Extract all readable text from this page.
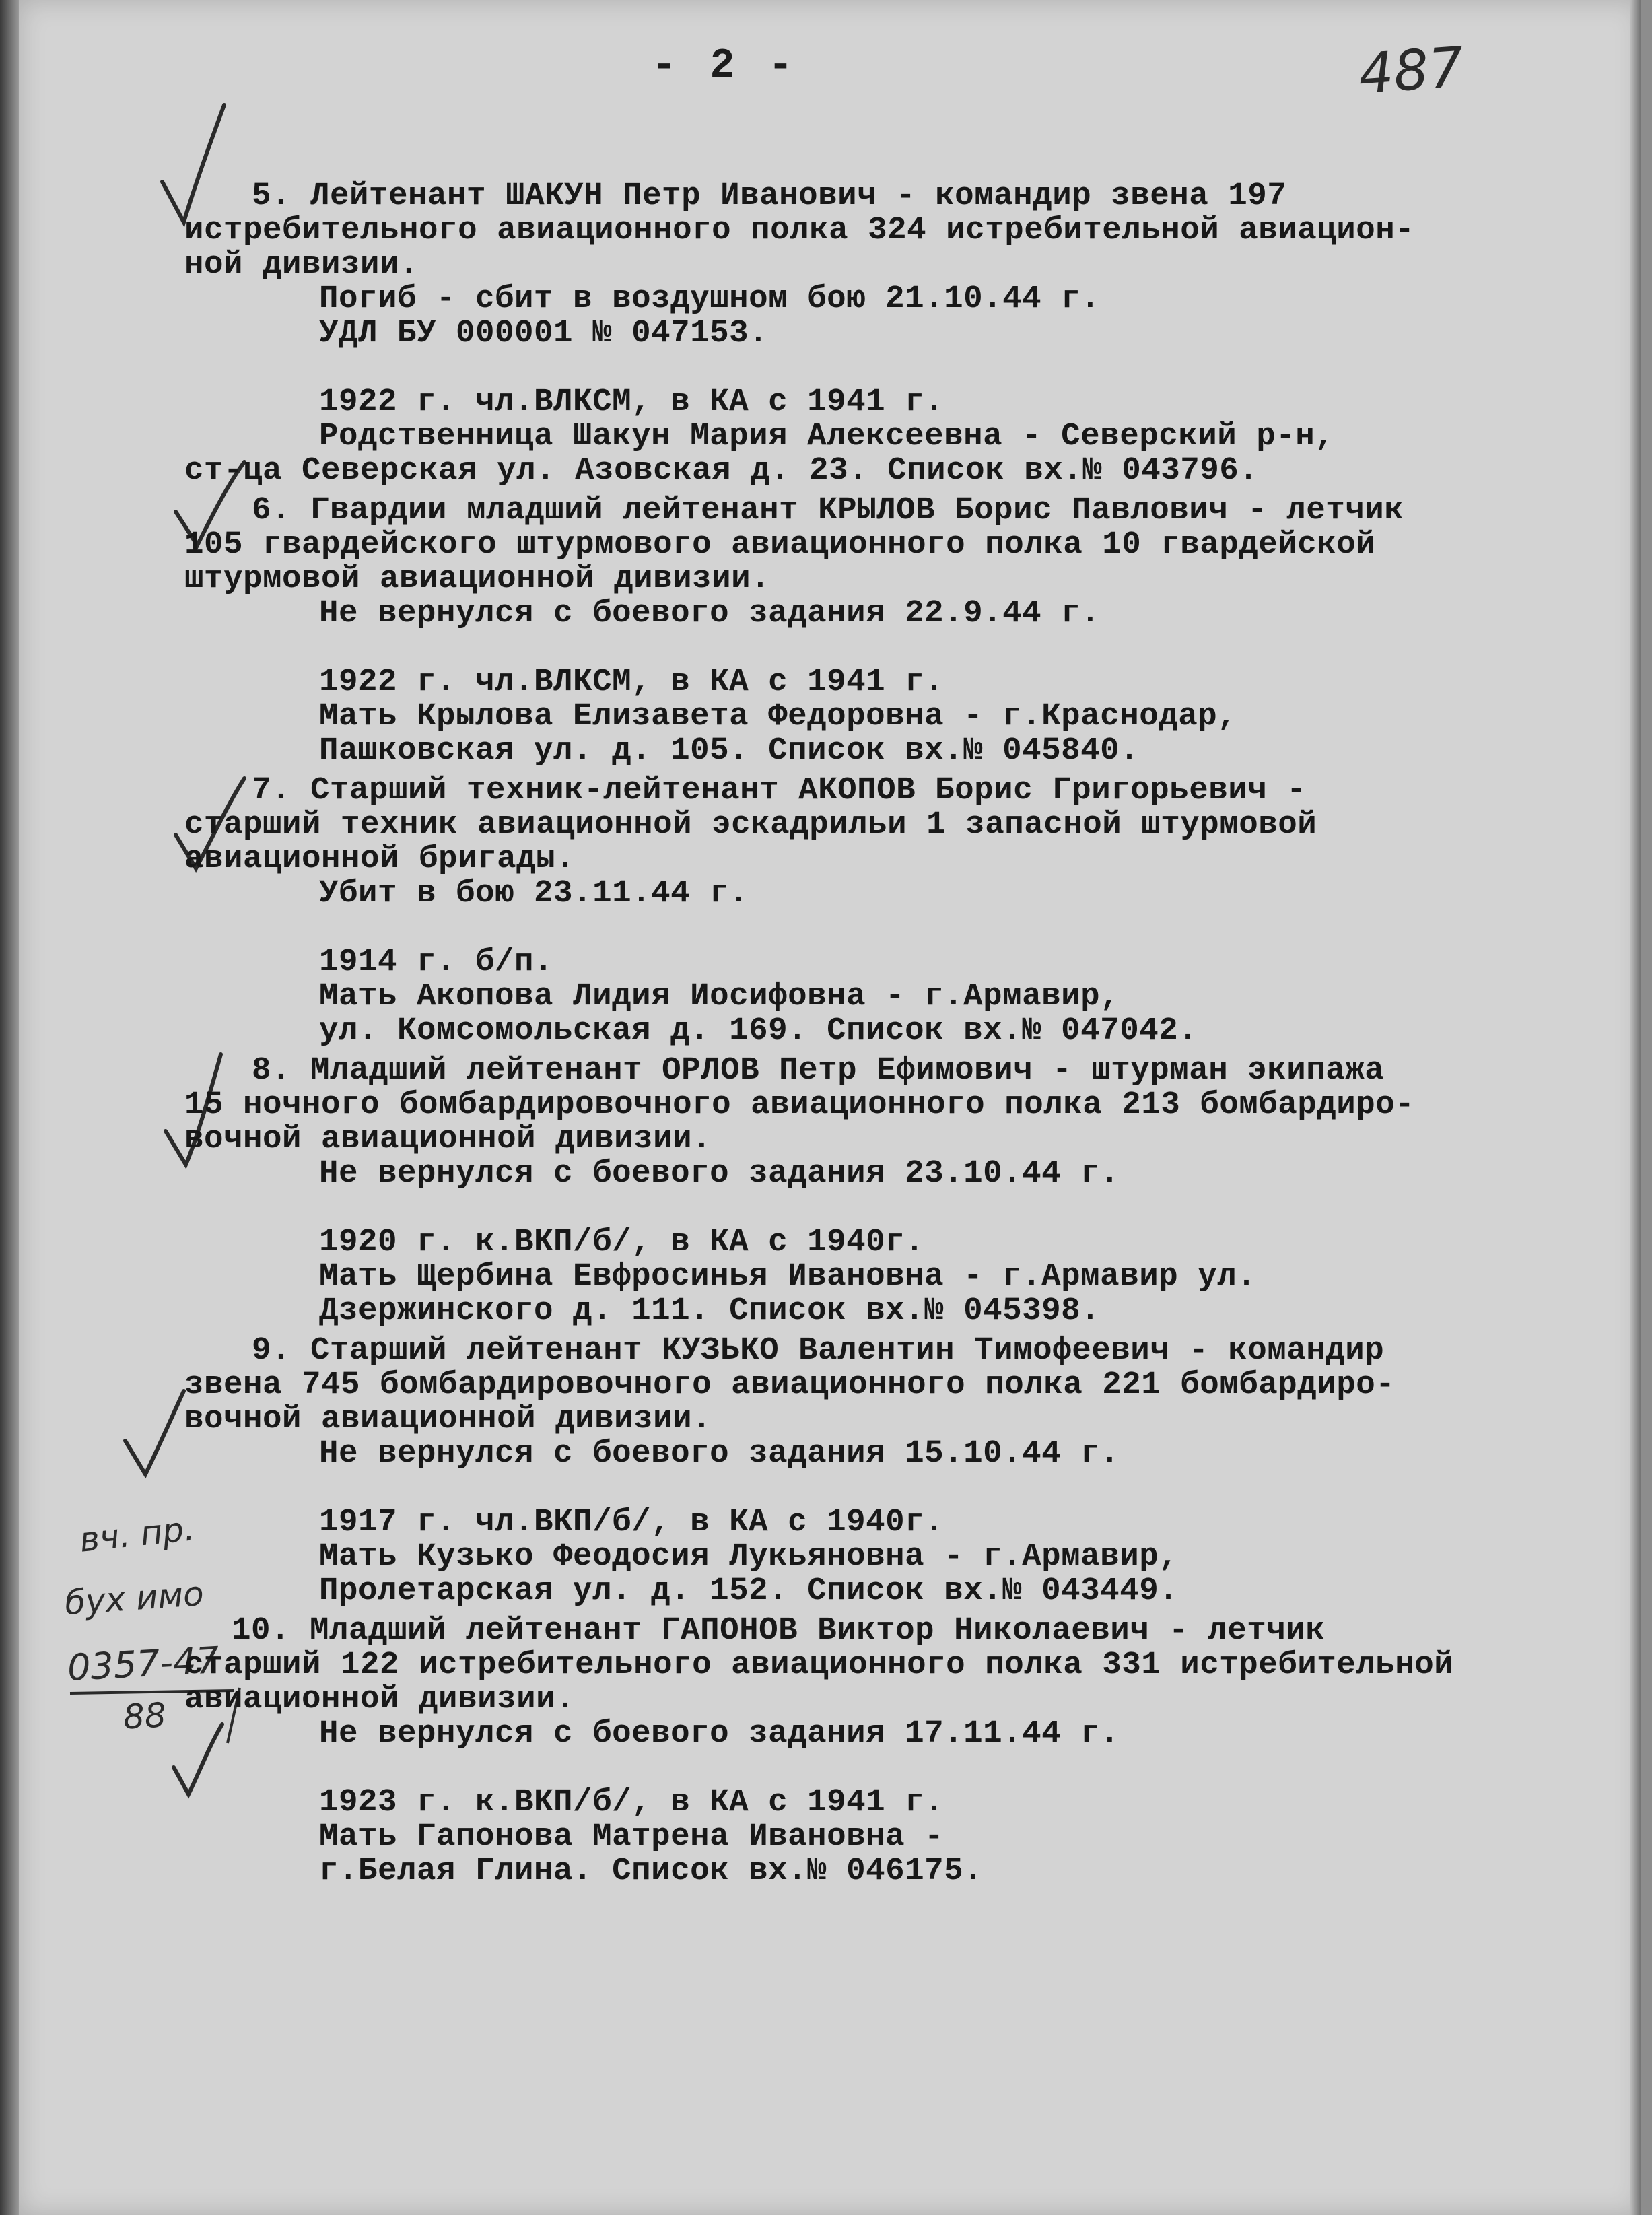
- 2 -	487
вч. пр.
бух имо
0357-47
88
5. Лейтенант ШАКУН Петр Иванович - командир звена 197
истребительного авиационного полка 324 истребительной авиацион-
ной дивизии.
Погиб - сбит в воздушном бою 21.10.44 г.
УДЛ БУ 000001 № 047153.
1922 г. чл.ВЛКСМ, в КА с 1941 г.
Родственница Шакун Мария Алексеевна - Северский р-н,
ст-ца Северская ул. Азовская д. 23. Список вх.№ 043796.
6. Гвардии младший лейтенант КРЫЛОВ Борис Павлович - летчик
105 гвардейского штурмового авиационного полка 10 гвардейской
штурмовой авиационной дивизии.
Не вернулся с боевого задания 22.9.44 г.
1922 г. чл.ВЛКСМ, в КА с 1941 г.
Мать Крылова Елизавета Федоровна - г.Краснодар,
Пашковская ул. д. 105. Список вх.№ 045840.
7. Старший техник-лейтенант АКОПОВ Борис Григорьевич -
старший техник авиационной эскадрильи 1 запасной штурмовой
авиационной бригады.
Убит в бою 23.11.44 г.
1914 г. б/п.
Мать Акопова Лидия Иосифовна - г.Армавир,
ул. Комсомольская д. 169. Список вх.№ 047042.
8. Младший лейтенант ОРЛОВ Петр Ефимович - штурман экипажа
15 ночного бомбардировочного авиационного полка 213 бомбардиро-
вочной авиационной дивизии.
Не вернулся с боевого задания 23.10.44 г.
1920 г. к.ВКП/б/, в КА с 1940г.
Мать Щербина Евфросинья Ивановна - г.Армавир ул.
Дзержинского д. 111. Список вх.№ 045398.
9. Старший лейтенант КУЗЬКО Валентин Тимофеевич - командир
звена 745 бомбардировочного авиационного полка 221 бомбардиро-
вочной авиационной дивизии.
Не вернулся с боевого задания 15.10.44 г.
1917 г. чл.ВКП/б/, в КА с 1940г.
Мать Кузько Феодосия Лукьяновна - г.Армавир,
Пролетарская ул. д. 152. Список вх.№ 043449.
10. Младший лейтенант ГАПОНОВ Виктор Николаевич - летчик
старший 122 истребительного авиационного полка 331 истребительной
авиационной дивизии.
Не вернулся с боевого задания 17.11.44 г.
1923 г. к.ВКП/б/, в КА с 1941 г.
Мать Гапонова Матрена Ивановна -
г.Белая Глина. Список вх.№ 046175.
